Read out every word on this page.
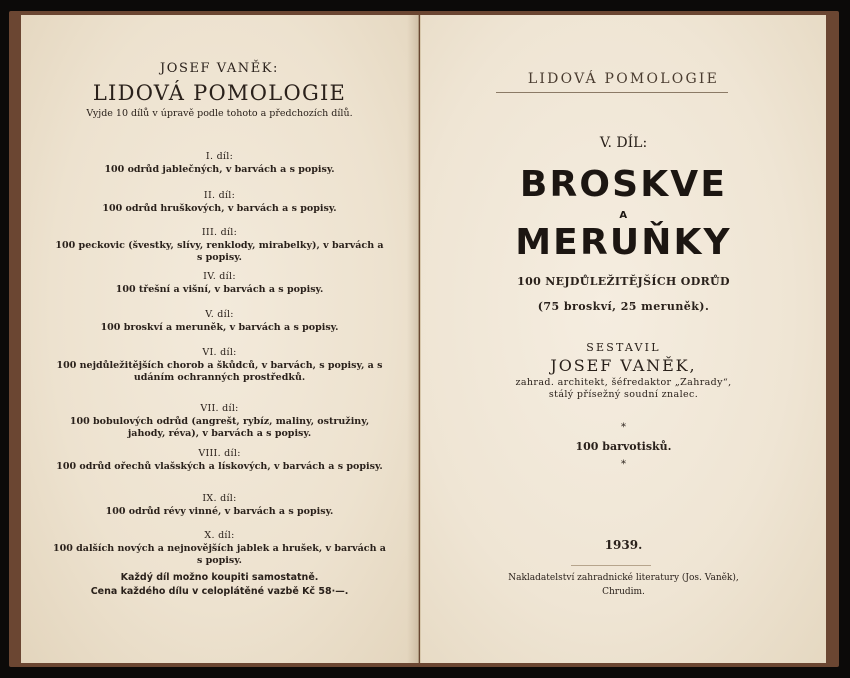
JOSEF VANĚK:
LIDOVÁ POMOLOGIE
Vyjde 10 dílů v úpravě podle tohoto a předchozích dílů.
I. díl:
100 odrůd jablečných, v barvách a s popisy.
II. díl:
100 odrůd hruškových, v barvách a s popisy.
III. díl:
100 peckovic (švestky, slívy, renklody, mirabelky), v barvách a s popisy.
IV. díl:
100 třešní a višní, v barvách a s popisy.
V. díl:
100 broskví a meruněk, v barvách a s popisy.
VI. díl:
100 nejdůležitějších chorob a škůdců, v barvách, s popisy, a s udáním ochranných prostředků.
VII. díl:
100 bobulových odrůd (angrešt, rybíz, maliny, ostružiny, jahody, réva), v barvách a s popisy.
VIII. díl:
100 odrůd ořechů vlašských a lískových, v barvách a s popisy.
IX. díl:
100 odrůd révy vinné, v barvách a s popisy.
X. díl:
100 dalších nových a nejnovějších jablek a hrušek, v barvách a s popisy.
Každý díl možno koupiti samostatně.
Cena každého dílu v celoplátěné vazbě Kč 58·—.
LIDOVÁ POMOLOGIE
V. DÍL:
BROSKVE
A
MERUŇKY
100 NEJDŮLEŽITĚJŠÍCH ODRŮD
(75 broskví, 25 meruněk).
SESTAVIL
JOSEF VANĚK,
zahrad. architekt, šéfredaktor „Zahrady“,
stálý přísežný soudní znalec.
*
100 barvotisků.
*
1939.
Nakladatelství zahradnické literatury (Jos. Vaněk),
Chrudim.
